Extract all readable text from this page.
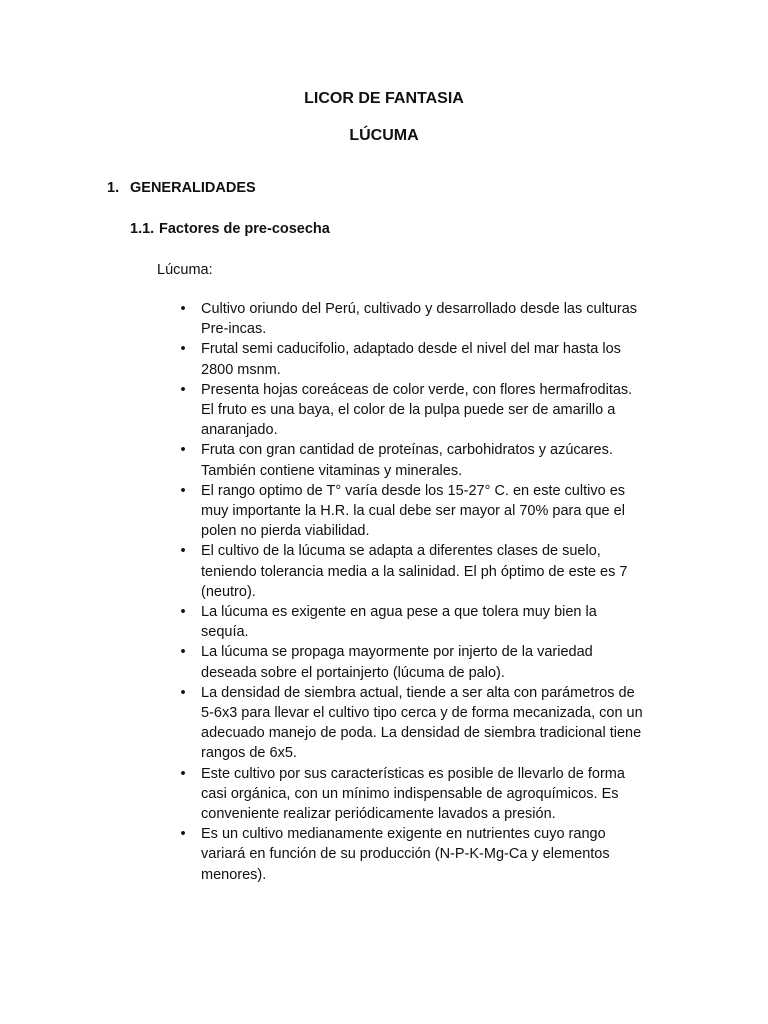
LICOR DE FANTASIA
LÚCUMA
1. GENERALIDADES
1.1. Factores de pre-cosecha
Lúcuma:
• Cultivo oriundo del Perú, cultivado y desarrollado desde las culturas Pre-incas.
• Frutal semi caducifolio, adaptado desde el nivel del mar hasta los 2800 msnm.
• Presenta hojas coreáceas de color verde, con flores hermafroditas. El fruto es una baya, el color de la pulpa puede ser de amarillo a anaranjado.
• Fruta con gran cantidad de proteínas, carbohidratos y azúcares. También contiene vitaminas y minerales.
• El rango optimo de T° varía desde los 15-27° C. en este cultivo es muy importante la H.R. la cual debe ser mayor al 70% para que el polen no pierda viabilidad.
• El cultivo de la lúcuma se adapta a diferentes clases de suelo, teniendo tolerancia media a la salinidad. El ph óptimo de este es 7 (neutro).
• La lúcuma es exigente en agua pese a que tolera muy bien la sequía.
• La lúcuma se propaga mayormente por injerto de la variedad deseada sobre el portainjerto (lúcuma de palo).
• La densidad de siembra actual, tiende a ser alta con parámetros de 5-6x3 para llevar el cultivo tipo cerca y de forma mecanizada, con un adecuado manejo de poda. La densidad de siembra tradicional tiene rangos de 6x5.
• Este cultivo por sus características es posible de llevarlo de forma casi orgánica, con un mínimo indispensable de agroquímicos. Es conveniente realizar periódicamente lavados a presión.
• Es un cultivo medianamente exigente en nutrientes cuyo rango variará en función de su producción (N-P-K-Mg-Ca y elementos menores).
